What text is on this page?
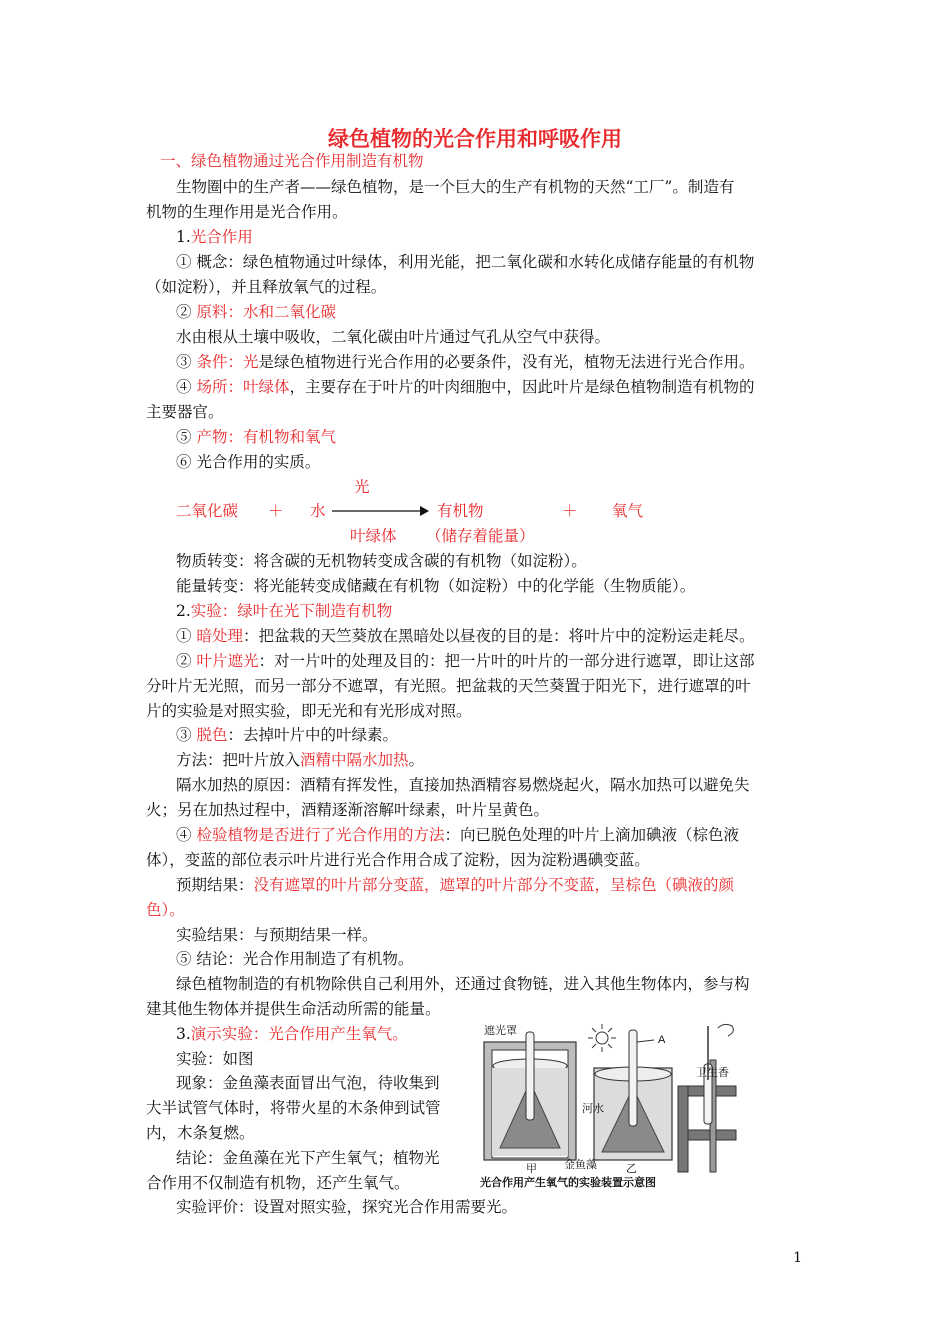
绿色植物的光合作用和呼吸作用
一、绿色植物通过光合作用制造有机物
生物圈中的生产者——绿色植物，是一个巨大的生产有机物的天然“工厂”。制造有
机物的生理作用是光合作用。
1.光合作用
① 概念：绿色植物通过叶绿体，利用光能，把二氧化碳和水转化成储存能量的有机物
（如淀粉），并且释放氧气的过程。
② 原料：水和二氧化碳
水由根从土壤中吸收，二氧化碳由叶片通过气孔从空气中获得。
③ 条件：光是绿色植物进行光合作用的必要条件，没有光，植物无法进行光合作用。
④ 场所：叶绿体，主要存在于叶片的叶肉细胞中，因此叶片是绿色植物制造有机物的
主要器官。
⑤ 产物：有机物和氧气
⑥ 光合作用的实质。
光
二氧化碳 ＋ 水	有机物	＋ 氧气
叶绿体 （储存着能量）
物质转变：将含碳的无机物转变成含碳的有机物（如淀粉）。
能量转变：将光能转变成储藏在有机物（如淀粉）中的化学能（生物质能）。
2.实验：绿叶在光下制造有机物
① 暗处理：把盆栽的天竺葵放在黑暗处以昼夜的目的是：将叶片中的淀粉运走耗尽。
② 叶片遮光：对一片叶的处理及目的：把一片叶的叶片的一部分进行遮罩，即让这部
分叶片无光照，而另一部分不遮罩，有光照。把盆栽的天竺葵置于阳光下，进行遮罩的叶
片的实验是对照实验，即无光和有光形成对照。
③ 脱色：去掉叶片中的叶绿素。
方法：把叶片放入酒精中隔水加热。
隔水加热的原因：酒精有挥发性，直接加热酒精容易燃烧起火，隔水加热可以避免失
火；另在加热过程中，酒精逐渐溶解叶绿素，叶片呈黄色。
④ 检验植物是否进行了光合作用的方法：向已脱色处理的叶片上滴加碘液（棕色液
体），变蓝的部位表示叶片进行光合作用合成了淀粉，因为淀粉遇碘变蓝。
预期结果：没有遮罩的叶片部分变蓝，遮罩的叶片部分不变蓝，呈棕色（碘液的颜
色）。
实验结果：与预期结果一样。
⑤ 结论：光合作用制造了有机物。
绿色植物制造的有机物除供自己利用外，还通过食物链，进入其他生物体内，参与构
建其他生物体并提供生命活动所需的能量。
3.演示实验：光合作用产生氧气。
实验：如图
现象：金鱼藻表面冒出气泡，待收集到
大半试管气体时，将带火星的木条伸到试管
内，木条复燃。
结论：金鱼藻在光下产生氧气；植物光
合作用不仅制造有机物，还产生氧气。
实验评价：设置对照实验，探究光合作用需要光。
遮光罩
A
河水
金鱼藻
甲	乙
卫生香
光合作用产生氧气的实验装置示意图
1
